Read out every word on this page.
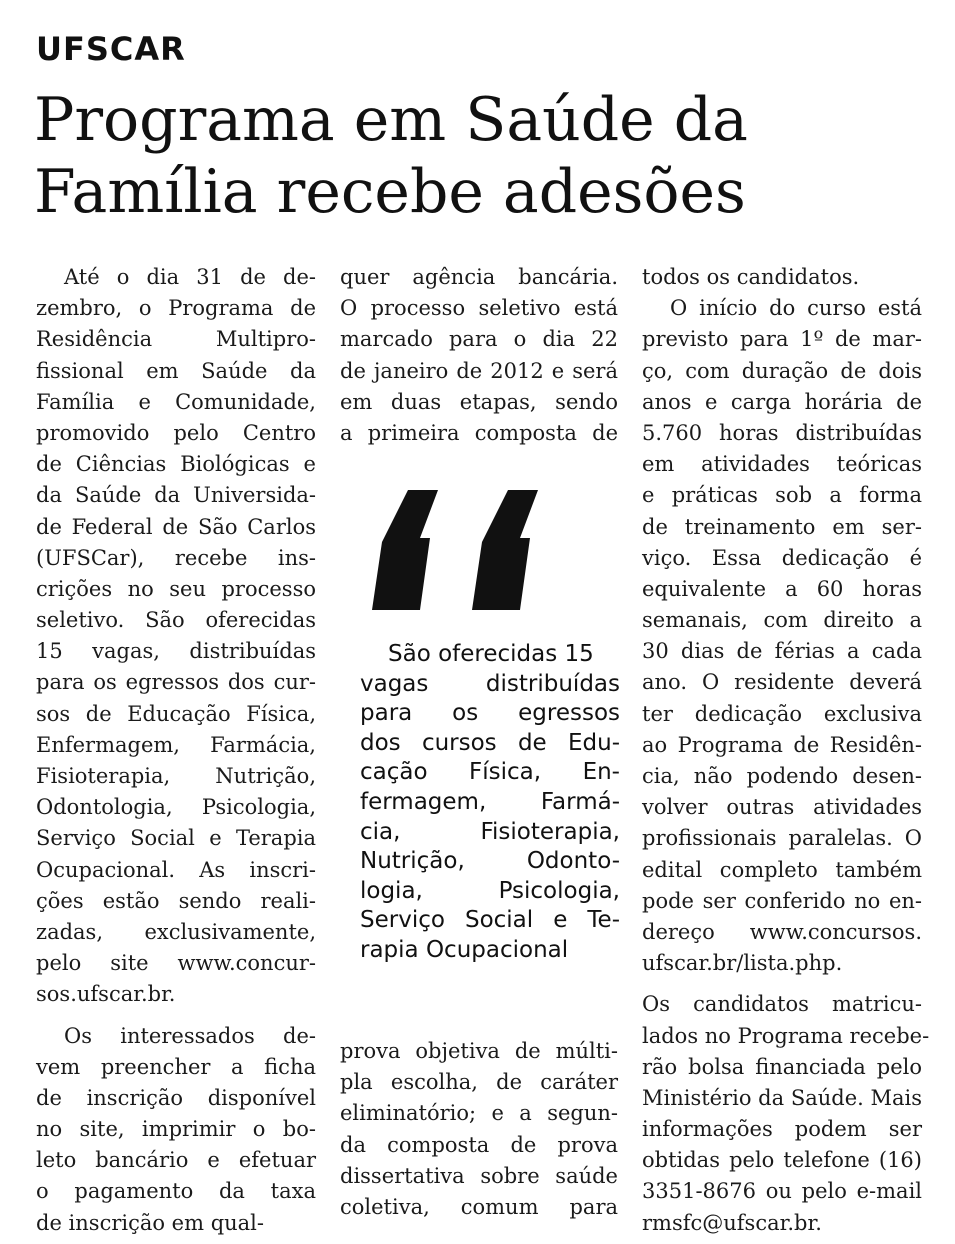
UFSCAR
Programa em Saúde da
Família recebe adesões
Até o dia 31 de de-
zembro, o Programa de
Residência Multipro-
fissional em Saúde da
Família e Comunidade,
promovido pelo Centro
de Ciências Biológicas e
da Saúde da Universida-
de Federal de São Carlos
(UFSCar), recebe ins-
crições no seu processo
seletivo. São oferecidas
15 vagas, distribuídas
para os egressos dos cur-
sos de Educação Física,
Enfermagem, Farmácia,
Fisioterapia, Nutrição,
Odontologia, Psicologia,
Serviço Social e Terapia
Ocupacional. As inscri-
ções estão sendo reali-
zadas, exclusivamente,
pelo site www.concur-
sos.ufscar.br.
Os interessados de-
vem preencher a ficha
de inscrição disponível
no site, imprimir o bo-
leto bancário e efetuar
o pagamento da taxa
de inscrição em qual-
quer agência bancária.
O processo seletivo está
marcado para o dia 22
de janeiro de 2012 e será
em duas etapas, sendo
a primeira composta de
São oferecidas 15
vagas distribuídas
para os egressos
dos cursos de Edu-
cação Física, En-
fermagem, Farmá-
cia, Fisioterapia,
Nutrição, Odonto-
logia, Psicologia,
Serviço Social e Te-
rapia Ocupacional
prova objetiva de múlti-
pla escolha, de caráter
eliminatório; e a segun-
da composta de prova
dissertativa sobre saúde
coletiva, comum para
todos os candidatos.
O início do curso está
previsto para 1º de mar-
ço, com duração de dois
anos e carga horária de
5.760 horas distribuídas
em atividades teóricas
e práticas sob a forma
de treinamento em ser-
viço. Essa dedicação é
equivalente a 60 horas
semanais, com direito a
30 dias de férias a cada
ano. O residente deverá
ter dedicação exclusiva
ao Programa de Residên-
cia, não podendo desen-
volver outras atividades
profissionais paralelas. O
edital completo também
pode ser conferido no en-
dereço www.concursos.
ufscar.br/lista.php.
Os candidatos matricu-
lados no Programa recebe-
rão bolsa financiada pelo
Ministério da Saúde. Mais
informações podem ser
obtidas pelo telefone (16)
3351-8676 ou pelo e-mail
rmsfc@ufscar.br.
